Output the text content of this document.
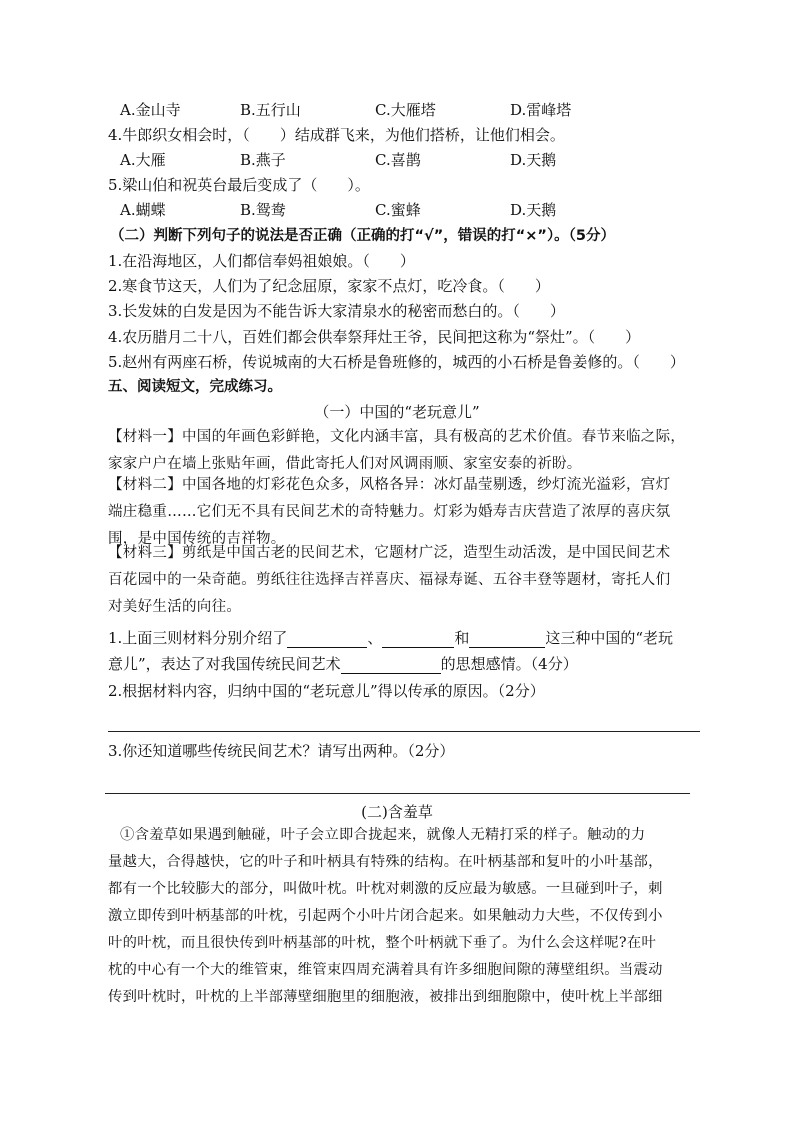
A.金山寺	B.五行山	C.大雁塔	D.雷峰塔
4.牛郎织女相会时，（　　）结成群飞来，为他们搭桥，让他们相会。
A.大雁	B.燕子	C.喜鹊	D.天鹅
5.梁山伯和祝英台最后变成了（　　）。
A.蝴蝶	B.鸳鸯	C.蜜蜂	D.天鹅
（二）判断下列句子的说法是否正确（正确的打“√”，错误的打“×”）。（5分）
1.在沿海地区，人们都信奉妈祖娘娘。（　　）
2.寒食节这天，人们为了纪念屈原，家家不点灯，吃冷食。（　　）
3.长发妹的白发是因为不能告诉大家清泉水的秘密而愁白的。（　　）
4.农历腊月二十八，百姓们都会供奉祭拜灶王爷，民间把这称为“祭灶”。（　　）
5.赵州有两座石桥，传说城南的大石桥是鲁班修的，城西的小石桥是鲁姜修的。（　　）
五、阅读短文，完成练习。
（一）中国的“老玩意儿”
【材料一】中国的年画色彩鲜艳，文化内涵丰富，具有极高的艺术价值。春节来临之际，
家家户户在墙上张贴年画，借此寄托人们对风调雨顺、家室安泰的祈盼。
【材料二】中国各地的灯彩花色众多，风格各异：冰灯晶莹剔透，纱灯流光溢彩，宫灯
端庄稳重……它们无不具有民间艺术的奇特魅力。灯彩为婚寿吉庆营造了浓厚的喜庆氛
围，是中国传统的吉祥物。
【材料三】剪纸是中国古老的民间艺术，它题材广泛，造型生动活泼，是中国民间艺术
百花园中的一朵奇葩。剪纸往往选择吉祥喜庆、福禄寿诞、五谷丰登等题材，寄托人们
对美好生活的向往。
1.上面三则材料分别介绍了	、	和	这三种中国的“老玩
意儿”，表达了对我国传统民间艺术	的思想感情。（4分）
2.根据材料内容，归纳中国的“老玩意儿”得以传承的原因。（2分）
3.你还知道哪些传统民间艺术？请写出两种。（2分）
(二)含羞草
①含羞草如果遇到触碰，叶子会立即合拢起来，就像人无精打采的样子。触动的力
量越大，合得越快，它的叶子和叶柄具有特殊的结构。在叶柄基部和复叶的小叶基部，
都有一个比较膨大的部分，叫做叶枕。叶枕对刺激的反应最为敏感。一旦碰到叶子，刺
激立即传到叶柄基部的叶枕，引起两个小叶片闭合起来。如果触动力大些，不仅传到小
叶的叶枕，而且很快传到叶柄基部的叶枕，整个叶柄就下垂了。为什么会这样呢?在叶
枕的中心有一个大的维管束，维管束四周充满着具有许多细胞间隙的薄壁组织。当震动
传到叶枕时，叶枕的上半部薄壁细胞里的细胞液，被排出到细胞隙中，使叶枕上半部细
